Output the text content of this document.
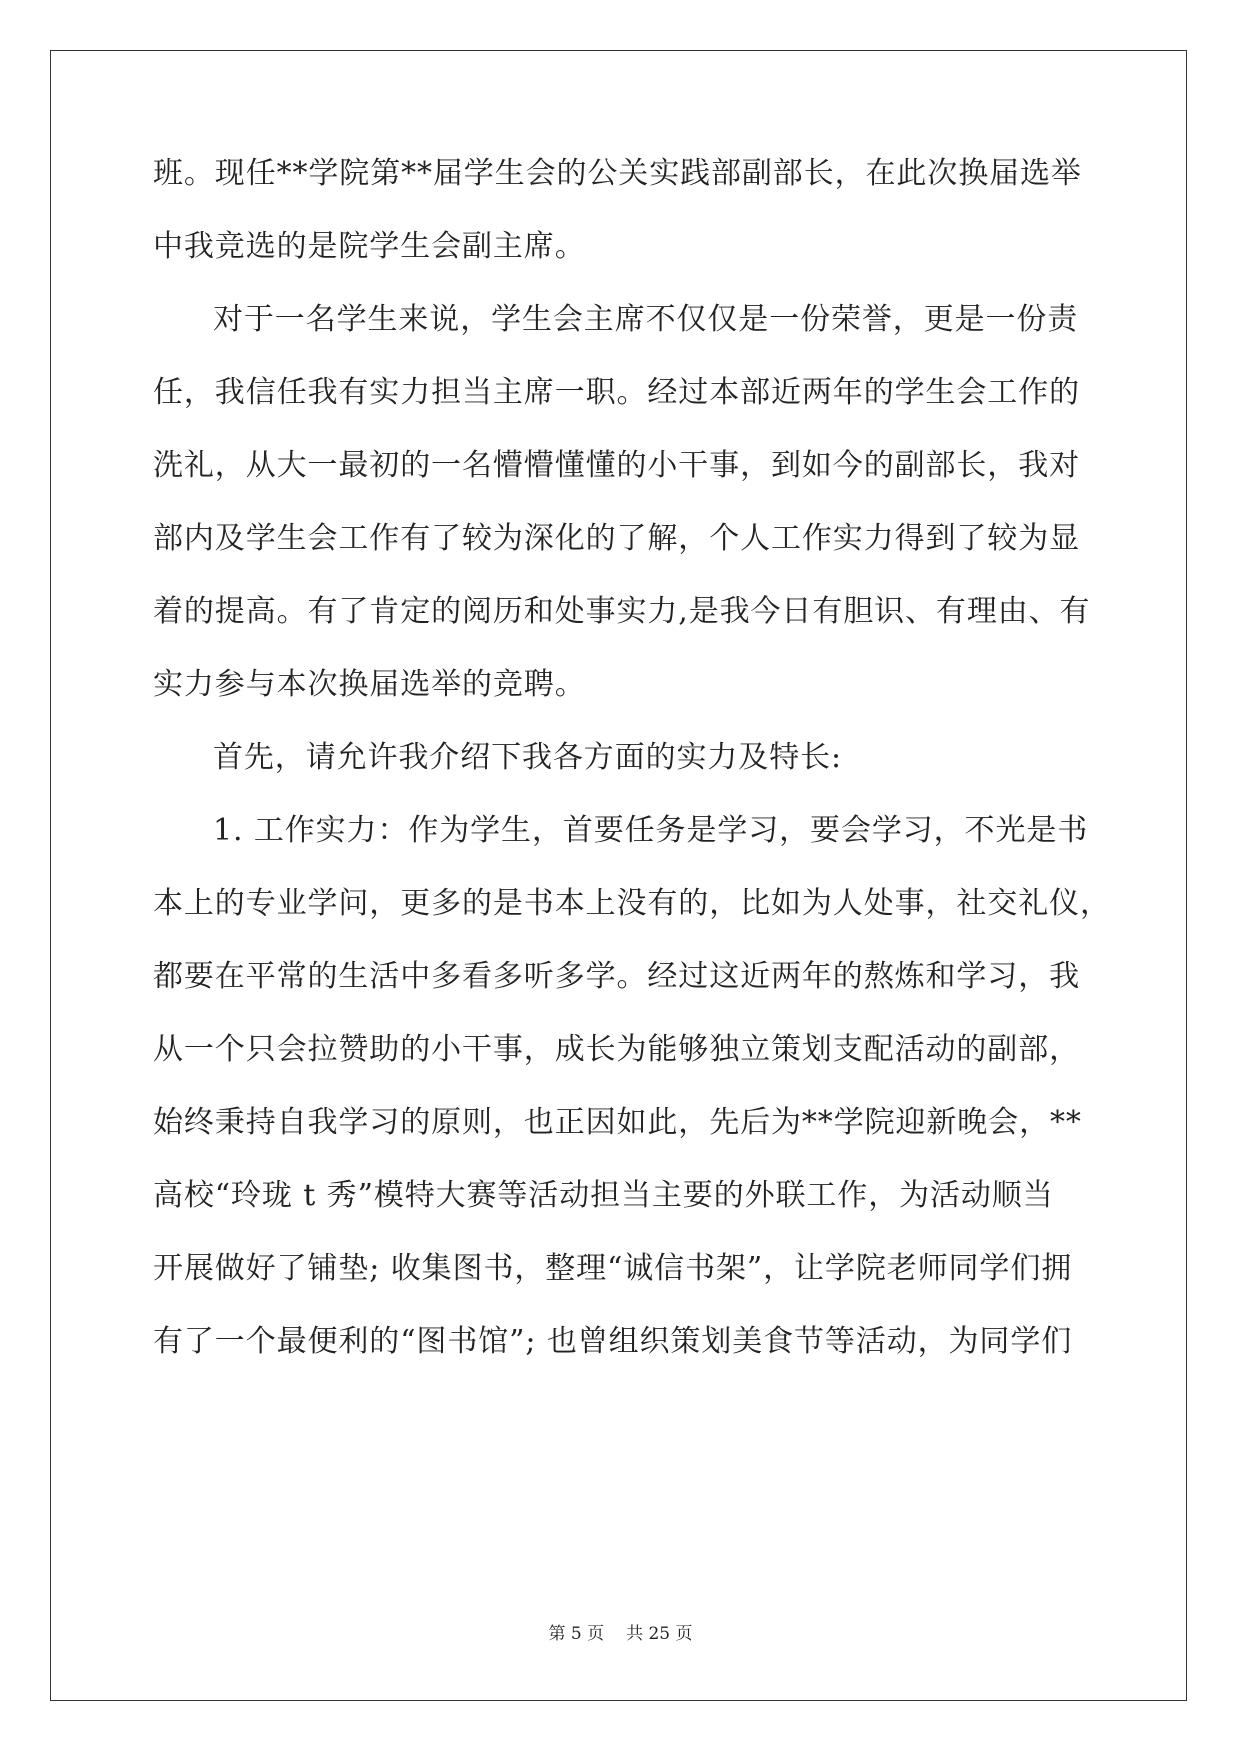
班。现任**学院第**届学生会的公关实践部副部长，在此次换届选举

中我竞选的是院学生会副主席。

对于一名学生来说，学生会主席不仅仅是一份荣誉，更是一份责

任，我信任我有实力担当主席一职。经过本部近两年的学生会工作的

洗礼，从大一最初的一名懵懵懂懂的小干事，到如今的副部长，我对

部内及学生会工作有了较为深化的了解，个人工作实力得到了较为显

着的提高。有了肯定的阅历和处事实力,是我今日有胆识、有理由、有

实力参与本次换届选举的竞聘。

首先，请允许我介绍下我各方面的实力及特长:

1. 工作实力：作为学生，首要任务是学习，要会学习，不光是书

本上的专业学问，更多的是书本上没有的，比如为人处事，社交礼仪，

都要在平常的生活中多看多听多学。经过这近两年的熬炼和学习，我

从一个只会拉赞助的小干事，成长为能够独立策划支配活动的副部，

始终秉持自我学习的原则，也正因如此，先后为**学院迎新晚会，**

高校“玲珑 t 秀”模特大赛等活动担当主要的外联工作，为活动顺当

开展做好了铺垫; 收集图书，整理“诚信书架”，让学院老师同学们拥

有了一个最便利的“图书馆”; 也曾组织策划美食节等活动，为同学们

第 5 页 共 25 页
